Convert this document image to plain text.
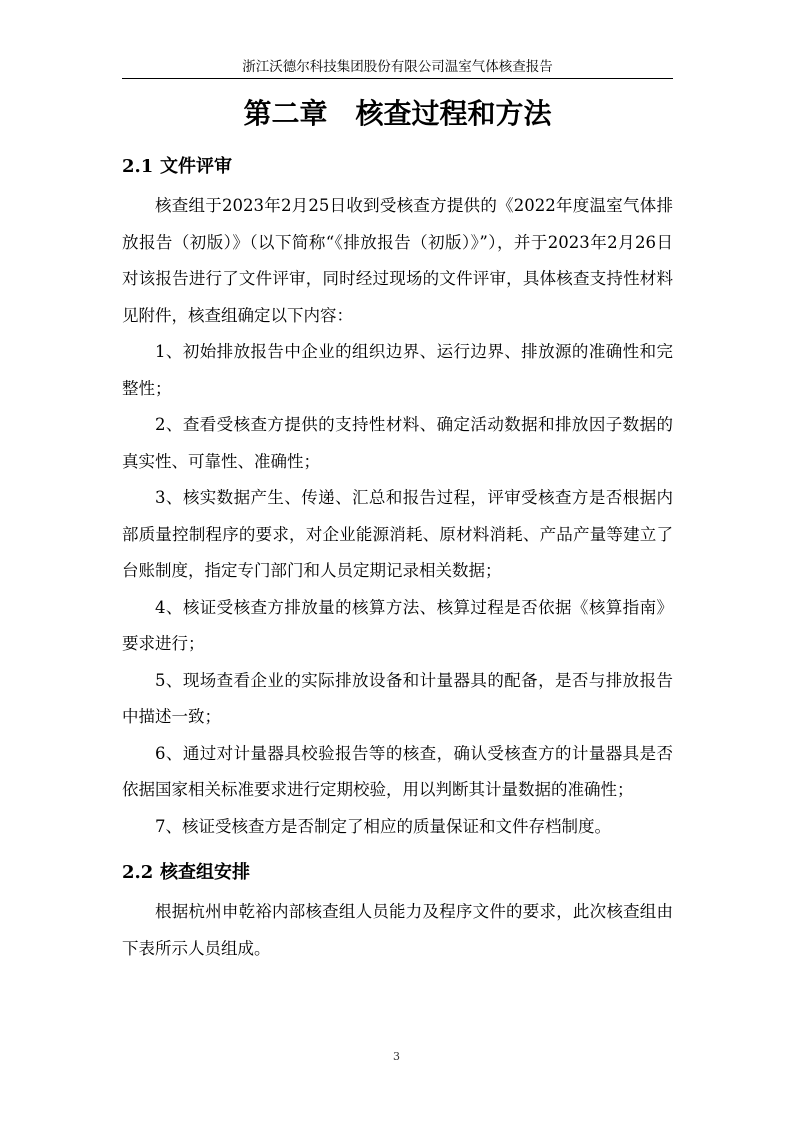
浙江沃德尔科技集团股份有限公司温室气体核查报告
第二章　核查过程和方法
2.1 文件评审

核查组于2023年2月25日收到受核查方提供的《2022年度温室气体排放报告（初版）》（以下简称“《排放报告（初版）》”），并于2023年2月26日对该报告进行了文件评审，同时经过现场的文件评审，具体核查支持性材料见附件，核查组确定以下内容：

1、初始排放报告中企业的组织边界、运行边界、排放源的准确性和完整性；

2、查看受核查方提供的支持性材料、确定活动数据和排放因子数据的真实性、可靠性、准确性；

3、核实数据产生、传递、汇总和报告过程，评审受核查方是否根据内部质量控制程序的要求，对企业能源消耗、原材料消耗、产品产量等建立了台账制度，指定专门部门和人员定期记录相关数据；

4、核证受核查方排放量的核算方法、核算过程是否依据《核算指南》要求进行；

5、现场查看企业的实际排放设备和计量器具的配备，是否与排放报告中描述一致；

6、通过对计量器具校验报告等的核查，确认受核查方的计量器具是否依据国家相关标准要求进行定期校验，用以判断其计量数据的准确性；

7、核证受核查方是否制定了相应的质量保证和文件存档制度。

2.2 核查组安排

根据杭州申乾裕内部核查组人员能力及程序文件的要求，此次核查组由下表所示人员组成。

3
